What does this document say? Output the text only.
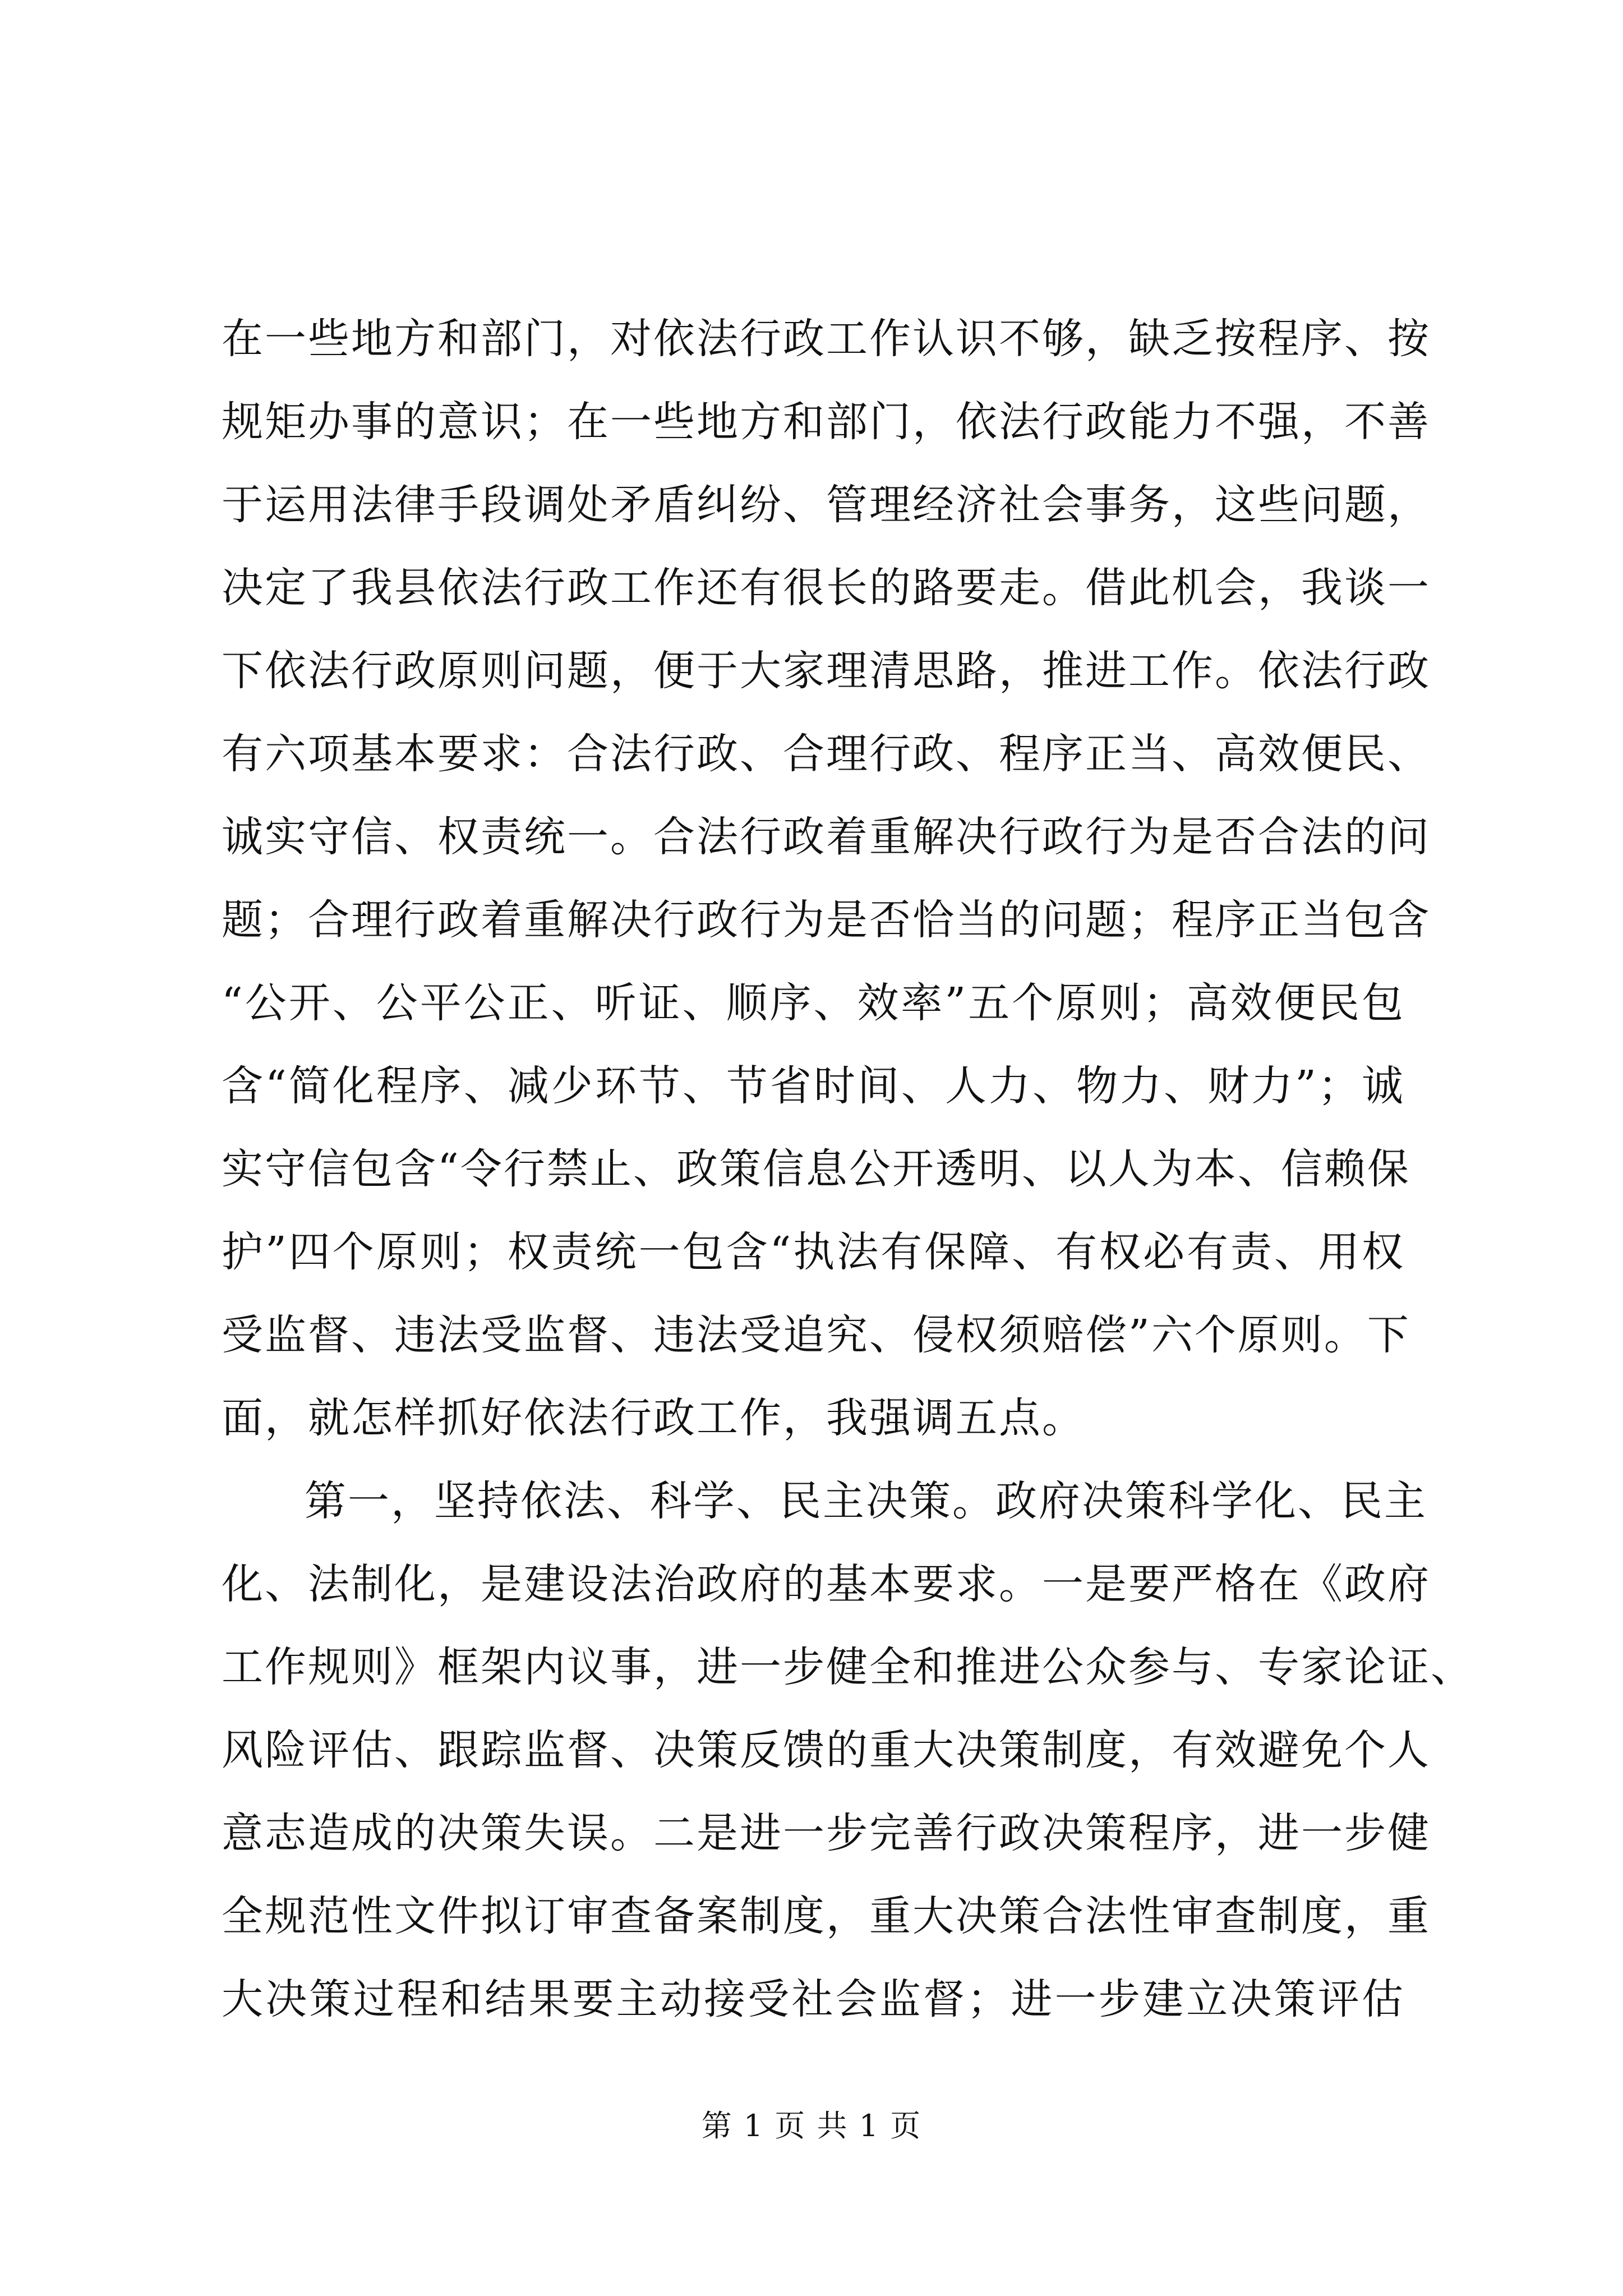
在一些地方和部门，对依法行政工作认识不够，缺乏按程序、按
规矩办事的意识；在一些地方和部门，依法行政能力不强，不善
于运用法律手段调处矛盾纠纷、管理经济社会事务，这些问题，
决定了我县依法行政工作还有很长的路要走。借此机会，我谈一
下依法行政原则问题，便于大家理清思路，推进工作。依法行政
有六项基本要求：合法行政、合理行政、程序正当、高效便民、
诚实守信、权责统一。合法行政着重解决行政行为是否合法的问
题；合理行政着重解决行政行为是否恰当的问题；程序正当包含
“公开、公平公正、听证、顺序、效率”五个原则；高效便民包
含“简化程序、减少环节、节省时间、人力、物力、财力”；诚
实守信包含“令行禁止、政策信息公开透明、以人为本、信赖保
护”四个原则；权责统一包含“执法有保障、有权必有责、用权
受监督、违法受监督、违法受追究、侵权须赔偿”六个原则。下
面，就怎样抓好依法行政工作，我强调五点。
第一，坚持依法、科学、民主决策。政府决策科学化、民主
化、法制化，是建设法治政府的基本要求。一是要严格在《政府
工作规则》框架内议事，进一步健全和推进公众参与、专家论证、
风险评估、跟踪监督、决策反馈的重大决策制度，有效避免个人
意志造成的决策失误。二是进一步完善行政决策程序，进一步健
全规范性文件拟订审查备案制度，重大决策合法性审查制度，重
大决策过程和结果要主动接受社会监督；进一步建立决策评估
第 1 页 共 1 页
